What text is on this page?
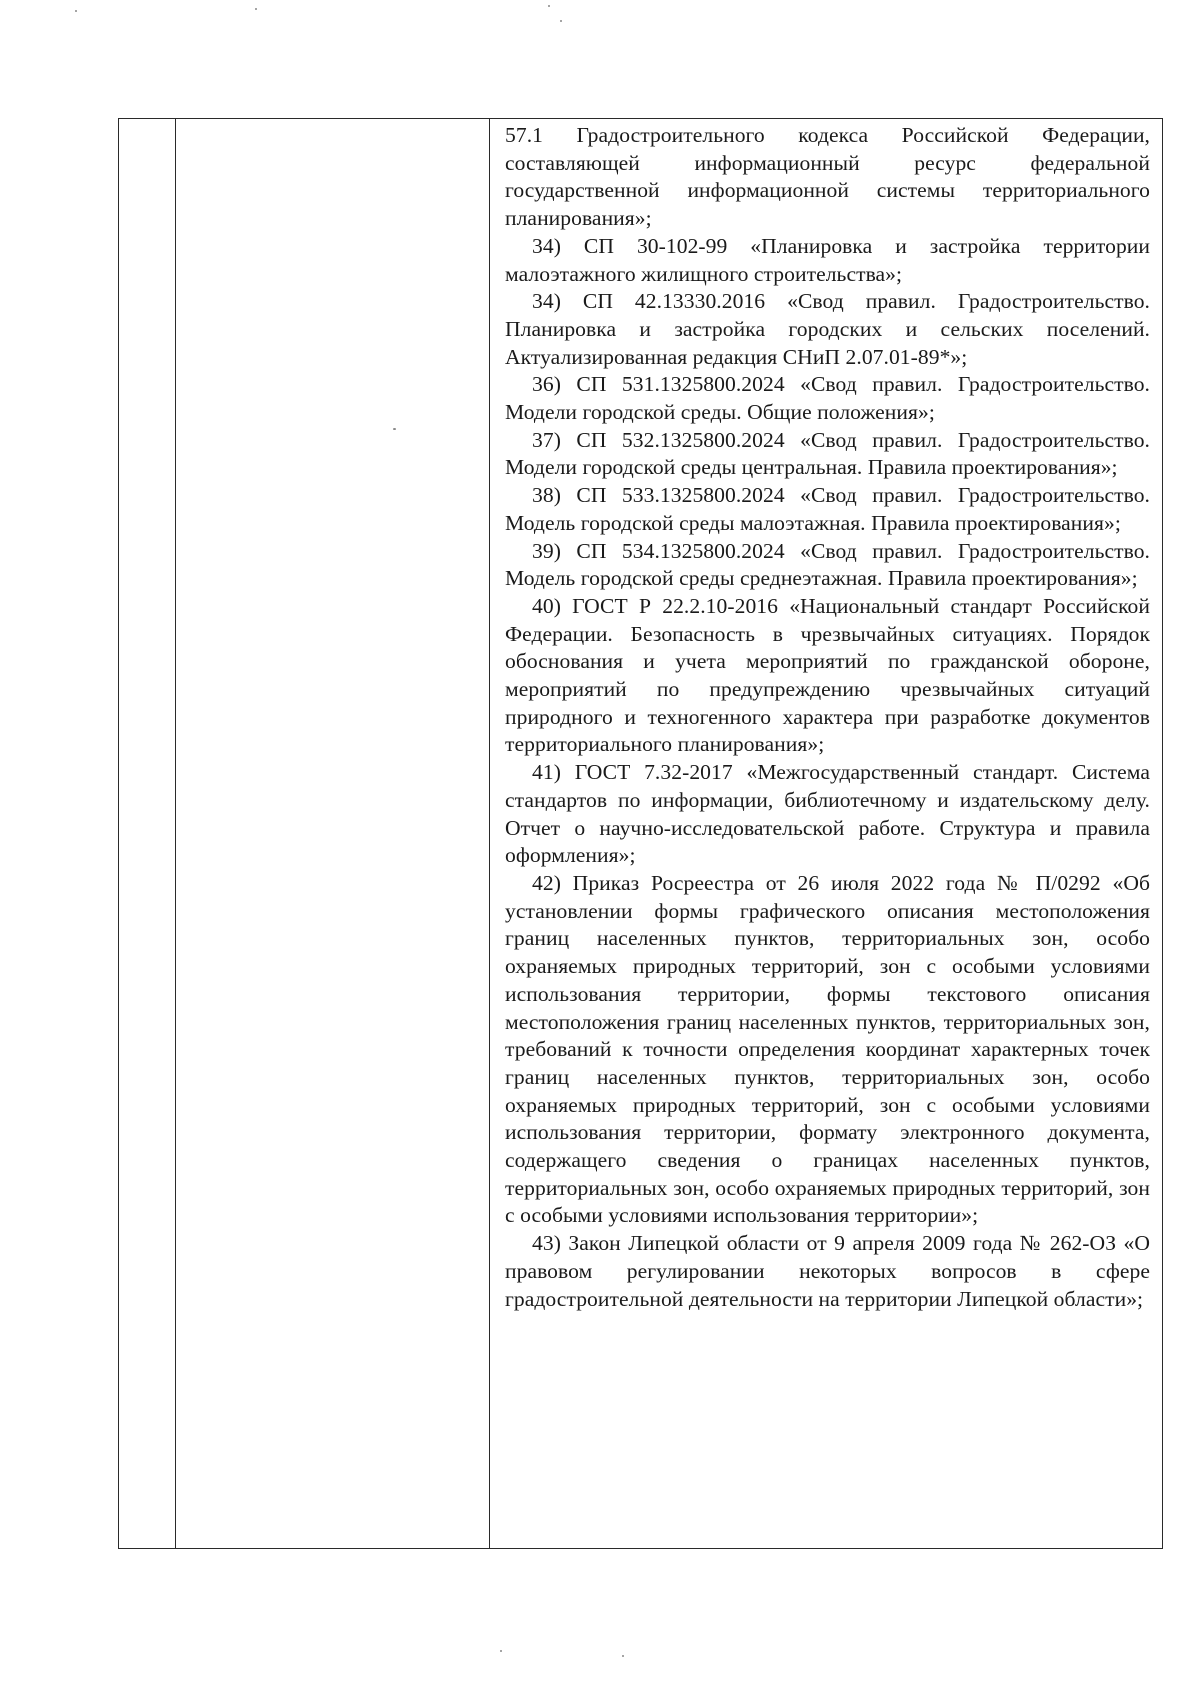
57.1 Градостроительного кодекса Российской Федерации, составляющей информационный ресурс федеральной государственной информационной системы территориального планирования»;

34) СП 30-102-99 «Планировка и застройка территории малоэтажного жилищного строительства»;

34) СП 42.13330.2016 «Свод правил. Градостроительство. Планировка и застройка городских и сельских поселений. Актуализированная редакция СНиП 2.07.01-89*»;

36) СП 531.1325800.2024 «Свод правил. Градостроительство. Модели городской среды. Общие положения»;

37) СП 532.1325800.2024 «Свод правил. Градостроительство. Модели городской среды центральная. Правила проектирования»;

38) СП 533.1325800.2024 «Свод правил. Градостроительство. Модель городской среды малоэтажная. Правила проектирования»;

39) СП 534.1325800.2024 «Свод правил. Градостроительство. Модель городской среды среднеэтажная. Правила проектирования»;

40) ГОСТ Р 22.2.10-2016 «Национальный стандарт Российской Федерации. Безопасность в чрезвычайных ситуациях. Порядок обоснования и учета мероприятий по гражданской обороне, мероприятий по предупреждению чрезвычайных ситуаций природного и техногенного характера при разработке документов территориального планирования»;

41) ГОСТ 7.32-2017 «Межгосударственный стандарт. Система стандартов по информации, библиотечному и издательскому делу. Отчет о научно-исследовательской работе. Структура и правила оформления»;

42) Приказ Росреестра от 26 июля 2022 года № П/0292 «Об установлении формы графического описания местоположения границ населенных пунктов, территориальных зон, особо охраняемых природных территорий, зон с особыми условиями использования территории, формы текстового описания местоположения границ населенных пунктов, территориальных зон, требований к точности определения координат характерных точек границ населенных пунктов, территориальных зон, особо охраняемых природных территорий, зон с особыми условиями использования территории, формату электронного документа, содержащего сведения о границах населенных пунктов, территориальных зон, особо охраняемых природных территорий, зон с особыми условиями использования территории»;

43) Закон Липецкой области от 9 апреля 2009 года № 262-ОЗ «О правовом регулировании некоторых вопросов в сфере градостроительной деятельности на территории Липецкой области»;
